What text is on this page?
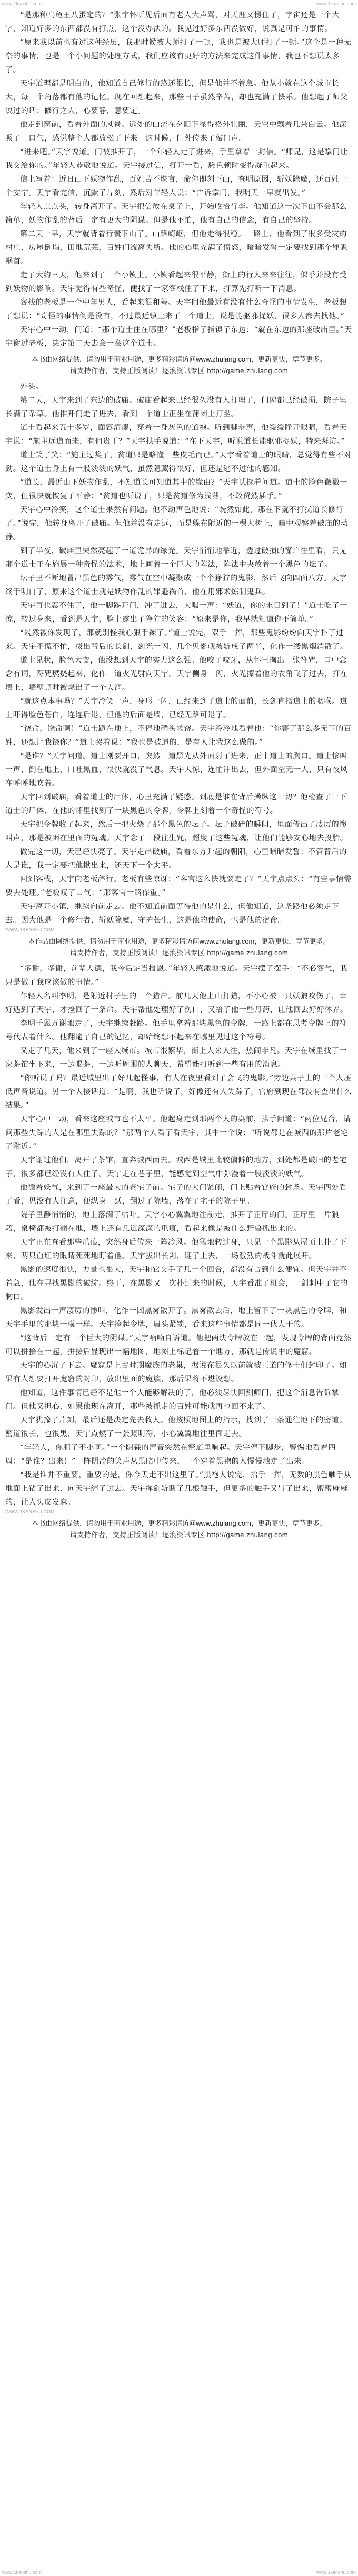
www.1kanshu.com	www.1kanshu.com

“是那种乌龟王八蛋定的？”张宇怀听见后面有老人大声骂，对天涯又愣住了，宇宙还是一个大字，知道好多的东西都没有打点，这个没办法的。我见过好多东西没做好，说真是可怕的事情。

“原来我以前也有过这种经历，我那时候被大师打了一顿，我也是被大师打了一顿。”这个是一种无奈的事情，也是一个小问题的处理方式，我们应该有更好的方法来完成这件事情，我也不想说太多了。

天宇道理都是明白的，他知道自己修行的路还很长，但是他并不着急。他从小就在这个城市长大，每一个角落都有他的记忆。现在回想起来，那些日子虽然辛苦，却也充满了快乐。他想起了师父说过的话：修行之人，心要静，意要定。

他走到窗前，看着外面的风景。远处的山峦在夕阳下显得格外壮丽，天空中飘着几朵白云。他深吸了一口气，感觉整个人都放松了下来。这时候，门外传来了敲门声。

“进来吧。”天宇说道。门被推开了，一个年轻人走了进来，手里拿着一封信。“师兄，这是掌门让我交给你的。”年轻人恭敬地说道。天宇接过信，打开一看，脸色顿时变得凝重起来。

信上写着：近日山下妖物作乱，百姓苦不堪言，命你即刻下山，查明原因，斩妖除魔，还百姓一个安宁。天宇看完信，沉默了片刻，然后对年轻人说：“告诉掌门，我明天一早就出发。”

年轻人点点头，转身离开了。天宇把信放在桌子上，开始收拾行李。他知道这一次下山不会那么简单，妖物作乱的背后一定有更大的阴谋。但是他不怕，他有自己的信念，有自己的坚持。

第二天一早，天宇就背着行囊下山了。山路崎岖，但他走得很稳。一路上，他看到了很多受灾的村庄，房屋倒塌，田地荒芜，百姓们流离失所。他的心里充满了愤怒，暗暗发誓一定要找到那个罪魁祸首。

走了大约三天，他来到了一个小镇上。小镇看起来很平静，街上的行人来来往往，似乎并没有受到妖物的影响。天宇觉得有些奇怪，便找了一家客栈住了下来，打算先打听一下消息。

客栈的老板是一个中年男人，看起来很和善。天宇问他最近有没有什么奇怪的事情发生，老板想了想说：“奇怪的事情倒是没有，不过最近镇上来了一个道士，说是能驱邪捉妖，很多人都去找他。”

天宇心中一动，问道：“那个道士住在哪里？”老板指了指镇子东边：“就在东边的那座破庙里。”天宇谢过老板，决定第二天去会一会这个道士。

本书由网络提供，请勿用于商业用途，更多精彩请访问www.zhulang.com，更新更快，章节更多。
请支持作者，支持正版阅读！逐浪资讯专区 http://game.zhulang.com

外头。

第二天，天宇来到了东边的破庙。破庙看起来已经很久没有人打理了，门窗都已经破损，院子里长满了杂草。他推开门走了进去，看到一个道士正坐在蒲团上打坐。

道士看起来五十多岁，面容清瘦，穿着一身灰色的道袍。听到脚步声，他缓缓睁开眼睛，看着天宇说：“施主远道而来，有何贵干？”天宇拱手说道：“在下天宇，听说道长能驱邪捉妖，特来拜访。”

道士笑了笑：“施主过奖了，贫道只是略懂一些皮毛而已。”天宇看着道士的眼睛，总觉得有些不对劲。这个道士身上有一股淡淡的妖气，虽然隐藏得很好，但还是逃不过他的感知。

“道长，最近山下妖物作乱，不知道长可知道其中的缘由？”天宇试探着问道。道士的脸色微微一变，但很快就恢复了平静：“贫道也听说了，只是贫道修为浅薄，不敢贸然插手。”

天宇心中冷笑，这个道士果然有问题。他不动声色地说：“既然如此，那在下就不打扰道长修行了。”说完，他转身离开了破庙。但他并没有走远，而是躲在附近的一棵大树上，暗中观察着破庙的动静。

到了半夜，破庙里突然亮起了一道诡异的绿光。天宇悄悄地靠近，透过破损的窗户往里看，只见那个道士正在施展一种奇怪的法术，地上画着一个巨大的阵法，阵法中央放着一个黑色的坛子。

坛子里不断地冒出黑色的雾气，雾气在空中凝聚成一个个狰狞的鬼影，然后飞向四面八方。天宇终于明白了，原来这个道士就是妖物作乱的罪魁祸首，他在用邪术炼制鬼兵。

天宇再也忍不住了，他一脚踢开门，冲了进去，大喝一声：“妖道，你的末日到了！”道士吃了一惊，转过身来，看到是天宇，脸上露出了狰狞的笑容：“原来是你，我早就知道你不简单。”

“既然被你发现了，那就别怪我心狠手辣了。”道士说完，双手一挥，那些鬼影纷纷向天宇扑了过来。天宇不慌不忙，拔出背后的长剑，剑光一闪，几个鬼影就被斩成了两半，化作一缕黑烟消散了。

道士见状，脸色大变，他没想到天宇的实力这么强。他咬了咬牙，从怀里掏出一张符咒，口中念念有词，符咒燃烧起来，化作一道火光射向天宇。天宇侧身一闪，火光擦着他的衣角飞了过去，打在墙上，墙壁顿时被烧出了一个大洞。

“就这点本事吗？”天宇冷笑一声，身形一闪，已经来到了道士的面前，长剑直指道士的咽喉。道士吓得脸色苍白，连连后退，但他的后面是墙，已经无路可退了。

“饶命，饶命啊！”道士跪在地上，不停地磕头求饶。天宇冷冷地看着他：“你害了那么多无辜的百姓，还想让我饶你？”道士哭着说：“我也是被逼的，是有人让我这么做的。”

“是谁？”天宇问道。道士刚要开口，突然一道黑光从外面射了进来，正中道士的胸口。道士惨叫一声，倒在地上，口吐黑血，很快就没了气息。天宇大惊，连忙冲出去，但外面空无一人，只有夜风在呼呼地吹着。

天宇回到破庙，看着道士的尸体，心里充满了疑惑。到底是谁在背后操纵这一切？他检查了一下道士的尸体，在他的怀里找到了一块黑色的令牌，令牌上刻着一个奇怪的符号。

天宇把令牌收了起来，然后一把火烧了那个黑色的坛子。坛子破碎的瞬间，里面传出了凄厉的惨叫声，那是被困在里面的冤魂。天宇念了一段往生咒，超度了这些冤魂，让他们能够安心地去投胎。

做完这一切，天已经快亮了。天宇走出破庙，看着东方升起的朝阳，心里暗暗发誓：不管背后的人是谁，我一定要把他揪出来，还天下一个太平。

回到客栈，天宇向老板辞行。老板有些惊讶：“客官这么快就要走了？”天宇点点头：“有些事情需要去处理。”老板叹了口气：“那客官一路保重。”

天宇离开小镇，继续向前走去。他不知道前面等待他的是什么，但他知道，这条路他必须走下去。因为他是一个修行者，斩妖除魔，守护苍生，这是他的使命，也是他的宿命。

WWW.1KANSHU.COM
本作品由网络提供，请勿用于商业用途，更多精彩请访问www.zhulang.com，更新更快，章节更多。
请支持作者，支持正版阅读！逐浪资讯专区 http://game.zhulang.com

“多谢，多谢，前辈大德，我今后定当报恩。”年轻人感激地说道。天宇摆了摆手：“不必客气，我只是做了我应该做的事情。”

年轻人名叫李明，是附近村子里的一个猎户。前几天他上山打猎，不小心被一只妖狼咬伤了，幸好遇到了天宇，才捡回了一条命。天宇帮他处理好了伤口，又给了他一些丹药，让他回去好好休养。

李明千恩万谢地走了，天宇继续赶路。他手里拿着那块黑色的令牌，一路上都在思考令牌上的符号代表着什么。他翻遍了自己的记忆，却始终想不起来在哪里见过这个符号。

又走了几天，他来到了一座大城市。城市很繁华，街上人来人往，热闹非凡。天宇在城里找了一家茶馆坐下来，一边喝茶，一边听周围的人聊天，希望能打听到一些有用的消息。

“你听说了吗？最近城里出了好几起怪事，有人在夜里看到了会飞的鬼影。”旁边桌子上的一个人压低声音说道。另一个人接话道：“是啊，我也听说了，好像还有人失踪了，官府到现在都没有查出什么结果。”

天宇心中一动，看来这座城市也不太平。他起身走到那两个人的桌前，拱手问道：“两位兄台，请问那些失踪的人是在哪里失踪的？”那两个人看了看天宇，其中一个说：“听说都是在城西的那片老宅子附近。”

天宇谢过他们，离开了茶馆，直奔城西而去。城西是城里比较偏僻的地方，到处都是破旧的老宅子，很多都已经没有人住了。天宇走在巷子里，能感觉到空气中弥漫着一股淡淡的妖气。

他循着妖气，来到了一座最大的老宅子前。宅子的大门紧闭，门上贴着官府的封条。天宇四处看了看，见没有人注意，便纵身一跃，翻过了院墙，落在了宅子的院子里。

院子里静悄悄的，地上落满了枯叶。天宇小心翼翼地往前走，推开了正厅的门。正厅里一片狼藉，桌椅都被打翻在地，墙上还有几道深深的爪痕，看起来像是被什么野兽抓出来的。

天宇正在查看那些爪痕，突然身后传来一阵冷风。他猛地转过身，只见一个黑影从屋顶上扑了下来，两只血红的眼睛死死地盯着他。天宇拔出长剑，迎了上去，一场激烈的战斗就此展开。

黑影的速度很快，力量也很大，天宇和它交手了几十个回合，都没有占到什么便宜。但天宇并不着急，他在寻找黑影的破绽。终于，在黑影又一次扑过来的时候，天宇看准了机会，一剑刺中了它的胸口。

黑影发出一声凄厉的惨叫，化作一团黑雾散开了。黑雾散去后，地上留下了一块黑色的令牌，和天宇手里的那块一模一样。天宇捡起令牌，眉头紧锁，看来这些事情都是同一伙人干的。

“这背后一定有一个巨大的阴谋。”天宇喃喃自语道。他把两块令牌放在一起，发现令牌的背面竟然可以拼接在一起，拼接后显现出一幅地图，地图上标记着一个地方，那就是传说中的魔窟。

天宇的心沉了下去。魔窟是上古时期魔族的老巢，据说在很久以前就被正道的修士们封印了。如果有人想要打开魔窟的封印，放出里面的魔族，那后果将不堪设想。

他知道，这件事情已经不是他一个人能够解决的了，他必须尽快回到师门，把这个消息告诉掌门。但他又担心，如果他现在离开，那些被抓走的百姓可能就再也回不来了。

天宇犹豫了片刻，最后还是决定先去救人。他按照地图上的指示，找到了一条通往地下的密道。密道很长，也很黑，天宇点燃了一张照明符，小心翼翼地往里面走去。

“年轻人，你胆子不小啊。”一个阴森的声音突然在密道里响起。天宇停下脚步，警惕地看着四周：“是谁？出来！”一阵阴冷的笑声从黑暗中传来，一个穿着黑袍的人慢慢地走了出来。

“我是谁并不重要，重要的是，你今天走不出这里了。”黑袍人说完，抬手一挥，无数的黑色触手从地面上钻了出来，向天宇缠了过去。天宇挥剑斩断了几根触手，但更多的触手又冒了出来，密密麻麻的，让人头皮发麻。

WWW.1KANSHU.COM
本书由网络提供，请勿用于商业用途，更多精彩请访问www.zhulang.com，更新更快，章节更多。
请支持作者，支持正版阅读！逐浪资讯专区 http://game.zhulang.com
www.1kanshu.com	www.1kanshu.com
